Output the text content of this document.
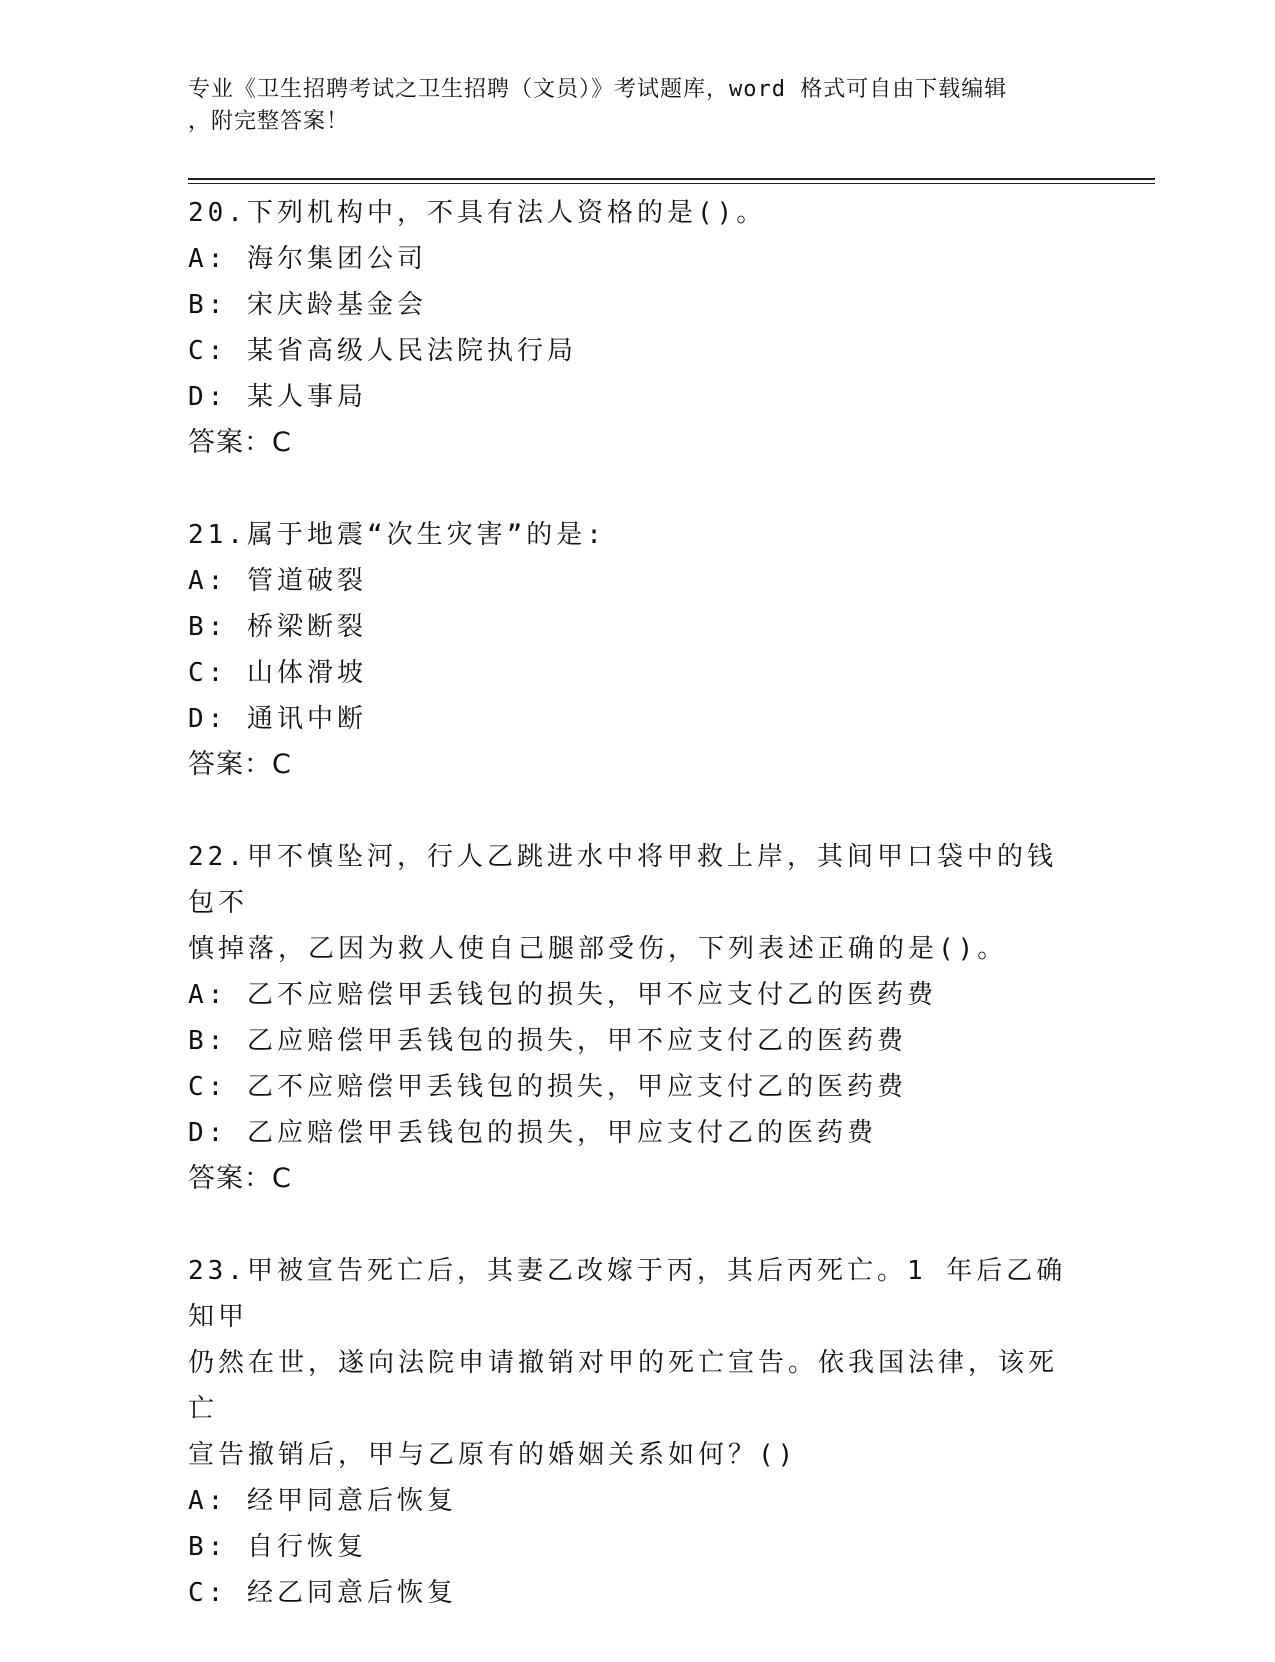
专业《卫生招聘考试之卫生招聘（文员）》考试题库，word 格式可自由下载编辑
，附完整答案！
20.下列机构中，不具有法人资格的是()。
A: 海尔集团公司
B: 宋庆龄基金会
C: 某省高级人民法院执行局
D: 某人事局
答案：C
21.属于地震“次生灾害”的是:
A: 管道破裂
B: 桥梁断裂
C: 山体滑坡
D: 通讯中断
答案：C
22.甲不慎坠河，行人乙跳进水中将甲救上岸，其间甲口袋中的钱包不
慎掉落，乙因为救人使自己腿部受伤，下列表述正确的是()。
A: 乙不应赔偿甲丢钱包的损失，甲不应支付乙的医药费
B: 乙应赔偿甲丢钱包的损失，甲不应支付乙的医药费
C: 乙不应赔偿甲丢钱包的损失，甲应支付乙的医药费
D: 乙应赔偿甲丢钱包的损失，甲应支付乙的医药费
答案：C
23.甲被宣告死亡后，其妻乙改嫁于丙，其后丙死亡。1 年后乙确知甲
仍然在世，遂向法院申请撤销对甲的死亡宣告。依我国法律，该死亡
宣告撤销后，甲与乙原有的婚姻关系如何？()
A: 经甲同意后恢复
B: 自行恢复
C: 经乙同意后恢复
